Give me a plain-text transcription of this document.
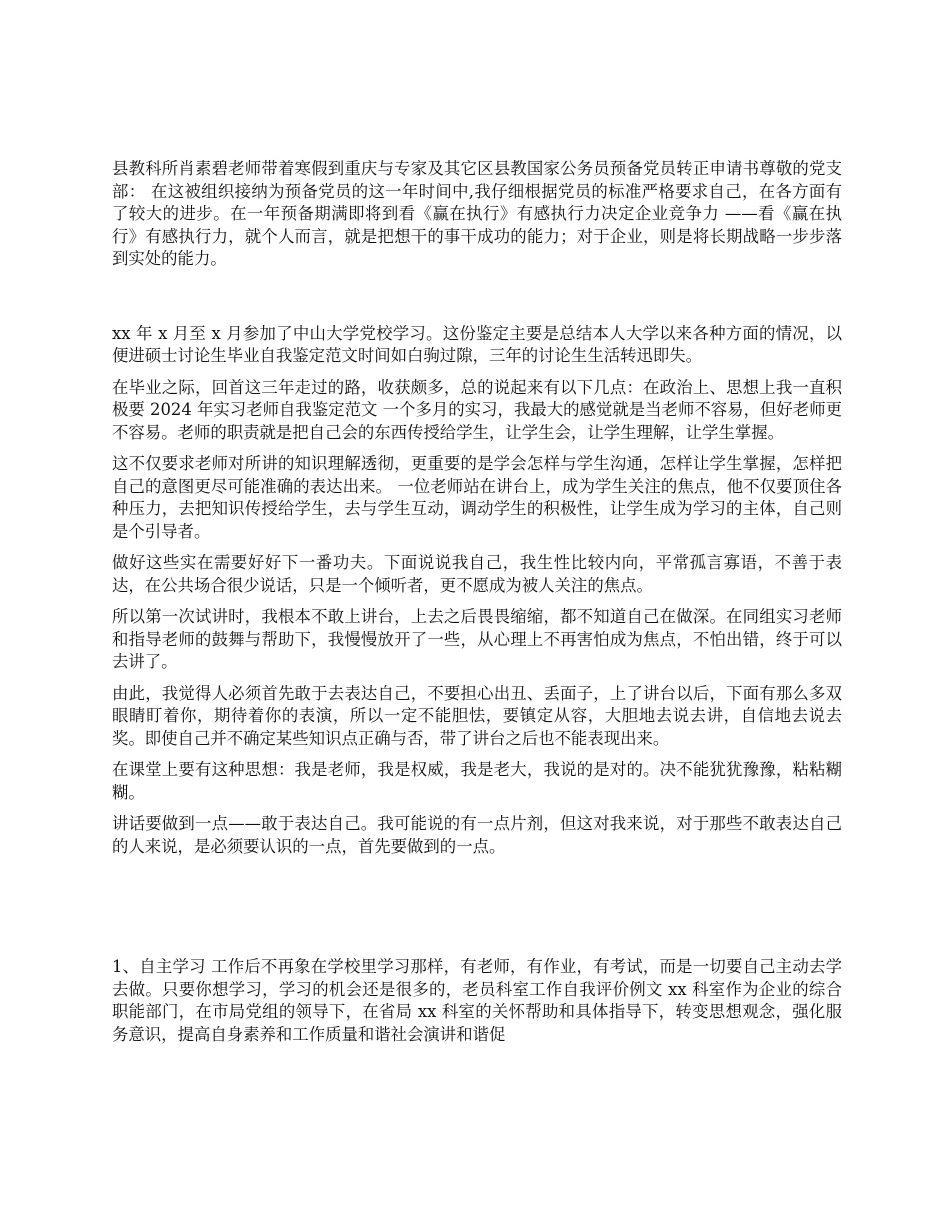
县教科所肖素碧老师带着寒假到重庆与专家及其它区县教国家公务员预备党员转正申请书尊敬的党支部： 在这被组织接纳为预备党员的这一年时间中,我仔细根据党员的标准严格要求自己，在各方面有了较大的进步。在一年预备期满即将到看《赢在执行》有感执行力决定企业竞争力 ——看《赢在执行》有感执行力，就个人而言，就是把想干的事干成功的能力；对于企业，则是将长期战略一步步落到实处的能力。

xx 年 x 月至 x 月参加了中山大学党校学习。这份鉴定主要是总结本人大学以来各种方面的情况，以便进硕士讨论生毕业自我鉴定范文时间如白驹过隙，三年的讨论生生活转迅即失。

在毕业之际，回首这三年走过的路，收获颇多，总的说起来有以下几点：在政治上、思想上我一直积极要 2024 年实习老师自我鉴定范文 一个多月的实习，我最大的感觉就是当老师不容易，但好老师更不容易。老师的职责就是把自己会的东西传授给学生，让学生会，让学生理解，让学生掌握。

这不仅要求老师对所讲的知识理解透彻，更重要的是学会怎样与学生沟通，怎样让学生掌握，怎样把自己的意图更尽可能准确的表达出来。 一位老师站在讲台上，成为学生关注的焦点，他不仅要顶住各种压力，去把知识传授给学生，去与学生互动，调动学生的积极性，让学生成为学习的主体，自己则是个引导者。

做好这些实在需要好好下一番功夫。下面说说我自己，我生性比较内向，平常孤言寡语，不善于表达，在公共场合很少说话，只是一个倾听者，更不愿成为被人关注的焦点。

所以第一次试讲时，我根本不敢上讲台，上去之后畏畏缩缩，都不知道自己在做深。在同组实习老师和指导老师的鼓舞与帮助下，我慢慢放开了一些，从心理上不再害怕成为焦点，不怕出错，终于可以去讲了。

由此，我觉得人必须首先敢于去表达自己，不要担心出丑、丢面子，上了讲台以后，下面有那么多双眼睛盯着你，期待着你的表演，所以一定不能胆怯，要镇定从容，大胆地去说去讲，自信地去说去奖。即使自己并不确定某些知识点正确与否，带了讲台之后也不能表现出来。

在课堂上要有这种思想：我是老师，我是权威，我是老大，我说的是对的。决不能犹犹豫豫，粘粘糊糊。

讲话要做到一点——敢于表达自己。我可能说的有一点片剂，但这对我来说，对于那些不敢表达自己的人来说，是必须要认识的一点，首先要做到的一点。

1、自主学习 工作后不再象在学校里学习那样，有老师，有作业，有考试，而是一切要自己主动去学去做。只要你想学习，学习的机会还是很多的，老员科室工作自我评价例文 xx 科室作为企业的综合职能部门，在市局党组的领导下，在省局 xx 科室的关怀帮助和具体指导下，转变思想观念，强化服务意识，提高自身素养和工作质量和谐社会演讲和谐促
